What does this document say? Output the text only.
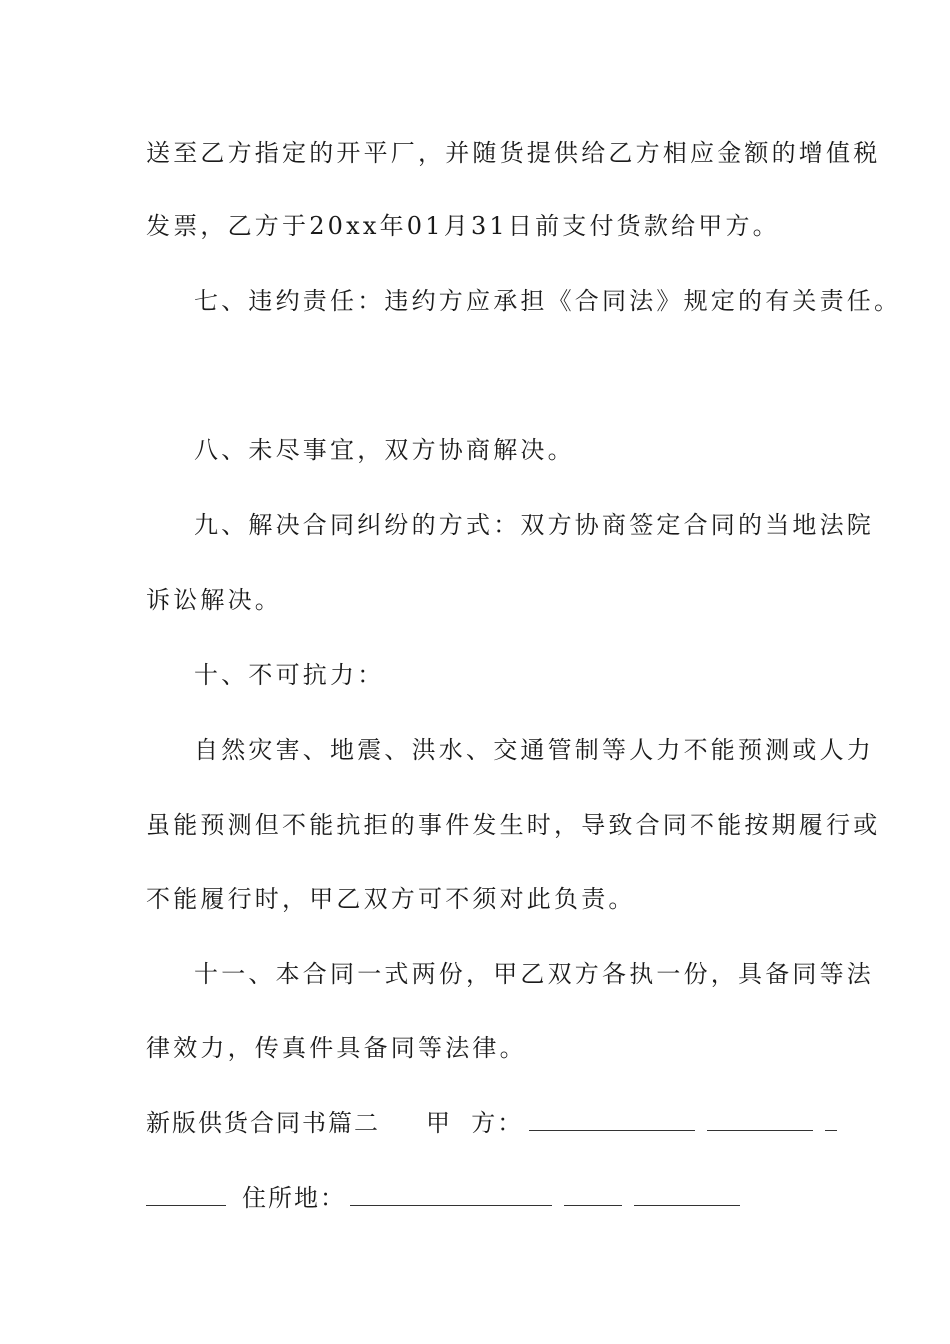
送至乙方指定的开平厂，并随货提供给乙方相应金额的增值税
发票，乙方于20xx年01月31日前支付货款给甲方。
七、违约责任：违约方应承担《合同法》规定的有关责任。
八、未尽事宜，双方协商解决。
九、解决合同纠纷的方式：双方协商签定合同的当地法院
诉讼解决。
十、不可抗力：
自然灾害、地震、洪水、交通管制等人力不能预测或人力
虽能预测但不能抗拒的事件发生时，导致合同不能按期履行或
不能履行时，甲乙双方可不须对此负责。
十一、本合同一式两份，甲乙双方各执一份，具备同等法
律效力，传真件具备同等法律。
新版供货合同书篇二 甲  方：
住所地：
